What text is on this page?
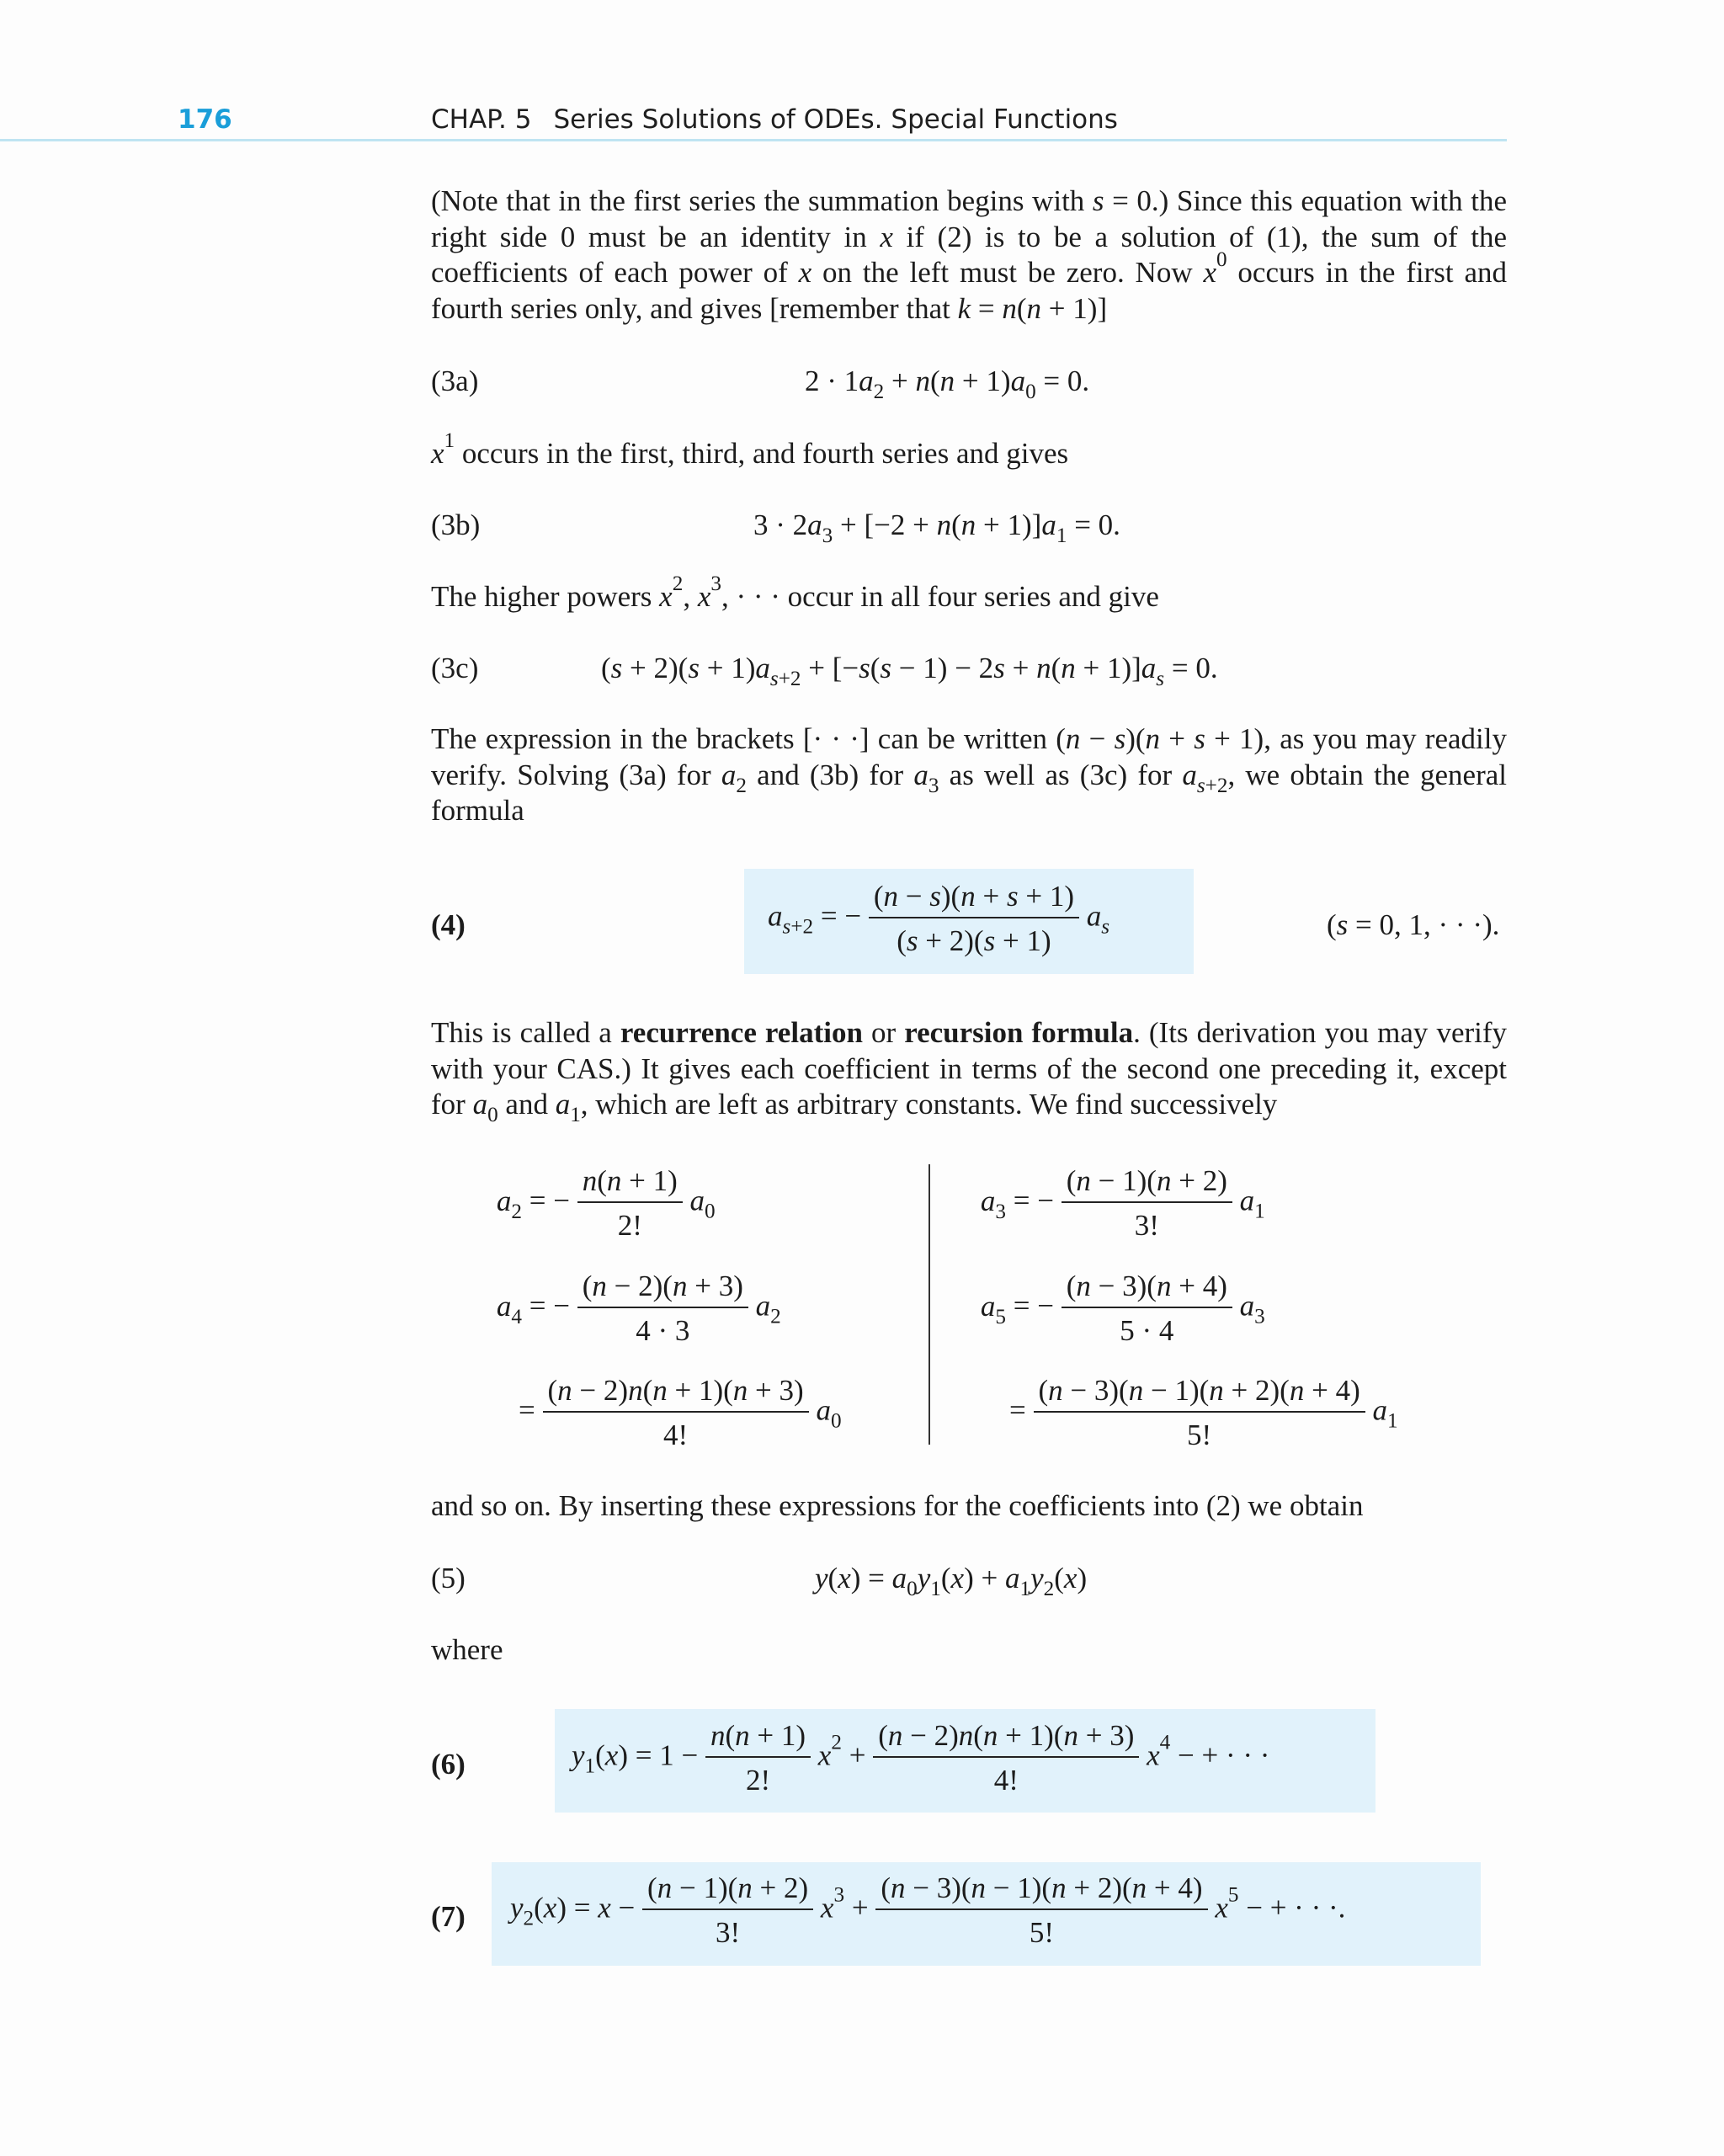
176	CHAP. 5 Series Solutions of ODEs. Special Functions
(Note that in the first series the summation begins with s = 0.) Since this equation with the right side 0 must be an identity in x if (2) is to be a solution of (1), the sum of the coefficients of each power of x on the left must be zero. Now $x^0$ occurs in the first and fourth series only, and gives [remember that k = n(n + 1)]
(3a)	$2 \cdot 1a_2 + n(n + 1)a_0 = 0$.
$x^1$ occurs in the first, third, and fourth series and gives
(3b)	$3 \cdot 2a_3 + [-2 + n(n + 1)]a_1 = 0$.
The higher powers $x^2$, $x^3$, · · · occur in all four series and give
(3c)	$(s + 2)(s + 1)a_{s+2} + [-s(s - 1) - 2s + n(n + 1)]a_s = 0$.
The expression in the brackets [· · ·] can be written (n − s)(n + s + 1), as you may readily verify. Solving (3a) for $a_2$ and (3b) for $a_3$ as well as (3c) for $a_{s+2}$, we obtain the general formula
(4)	$a_{s+2}$ = − $\frac{(n - s)(n + s + 1)}{(s + 2)(s + 1)} a_s$	(s = 0, 1, · · ·).
This is called a recurrence relation or recursion formula. (Its derivation you may verify with your CAS.) It gives each coefficient in terms of the second one preceding it, except for $a_0$ and $a_1$, which are left as arbitrary constants. We find successively
$a_2$ = − $\frac{n(n + 1)}{2!} a_0$	$a_3$ = − $\frac{(n - 1)(n + 2)}{3!} a_1$
$a_4$ = − $\frac{(n - 2)(n + 3)}{4 \cdot 3} a_2$	$a_5$ = − $\frac{(n - 3)(n + 4)}{5 \cdot 4} a_3$
= $\frac{(n - 2)n(n + 1)(n + 3)}{4!} a_0$	= $\frac{(n - 3)(n - 1)(n + 2)(n + 4)}{5!} a_1$
and so on. By inserting these expressions for the coefficients into (2) we obtain
(5)	$y(x) = a_0y_1(x) + a_1y_2(x)$
where
(6)	$y_1(x) = 1 - \frac{n(n + 1)}{2!} x^2 + \frac{(n - 2)n(n + 1)(n + 3)}{4!} x^4$ − + · · ·
(7) $y_2(x) = x - \frac{(n - 1)(n + 2)}{3!} x^3 + \frac{(n - 3)(n - 1)(n + 2)(n + 4)}{5!} x^5$ − + · · ·.
